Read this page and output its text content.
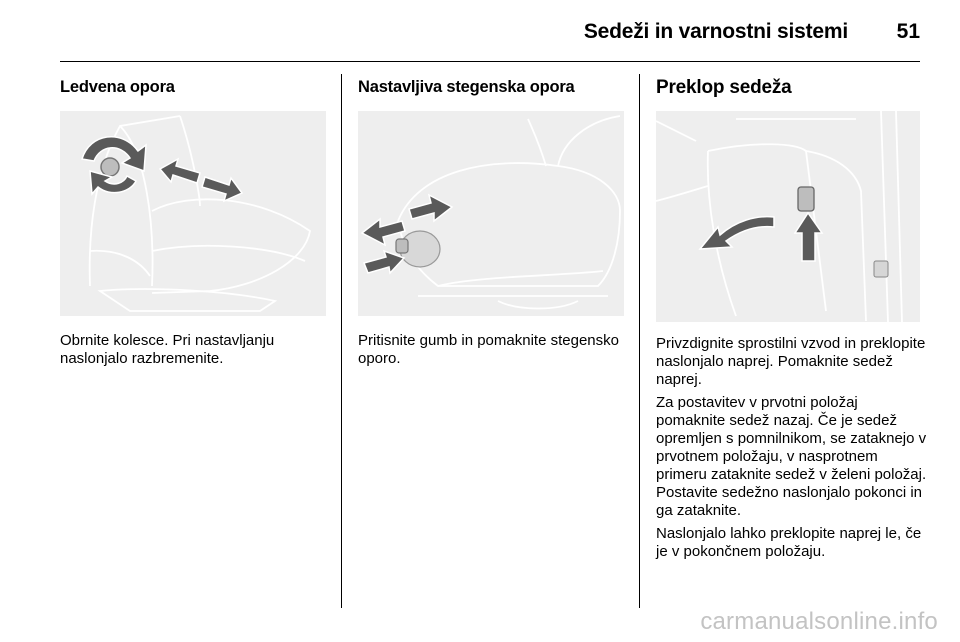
Sedeži in varnostni sistemi 51
Ledvena opora

Obrnite kolesce. Pri nastavljanju naslonjalo razbremenite.

Nastavljiva stegenska opora

Pritisnite gumb in pomaknite stegensko oporo.

Preklop sedeža

Privzdignite sprostilni vzvod in preklopite naslonjalo naprej. Pomaknite sedež naprej.

Za postavitev v prvotni položaj pomaknite sedež nazaj. Če je sedež opremljen s pomnilnikom, se zataknejo v prvotnem položaju, v nasprotnem primeru zataknite sedež v želeni položaj. Postavite sedežno naslonjalo pokonci in ga zataknite.

Naslonjalo lahko preklopite naprej le, če je v pokončnem položaju.

carmanualsonline.info
